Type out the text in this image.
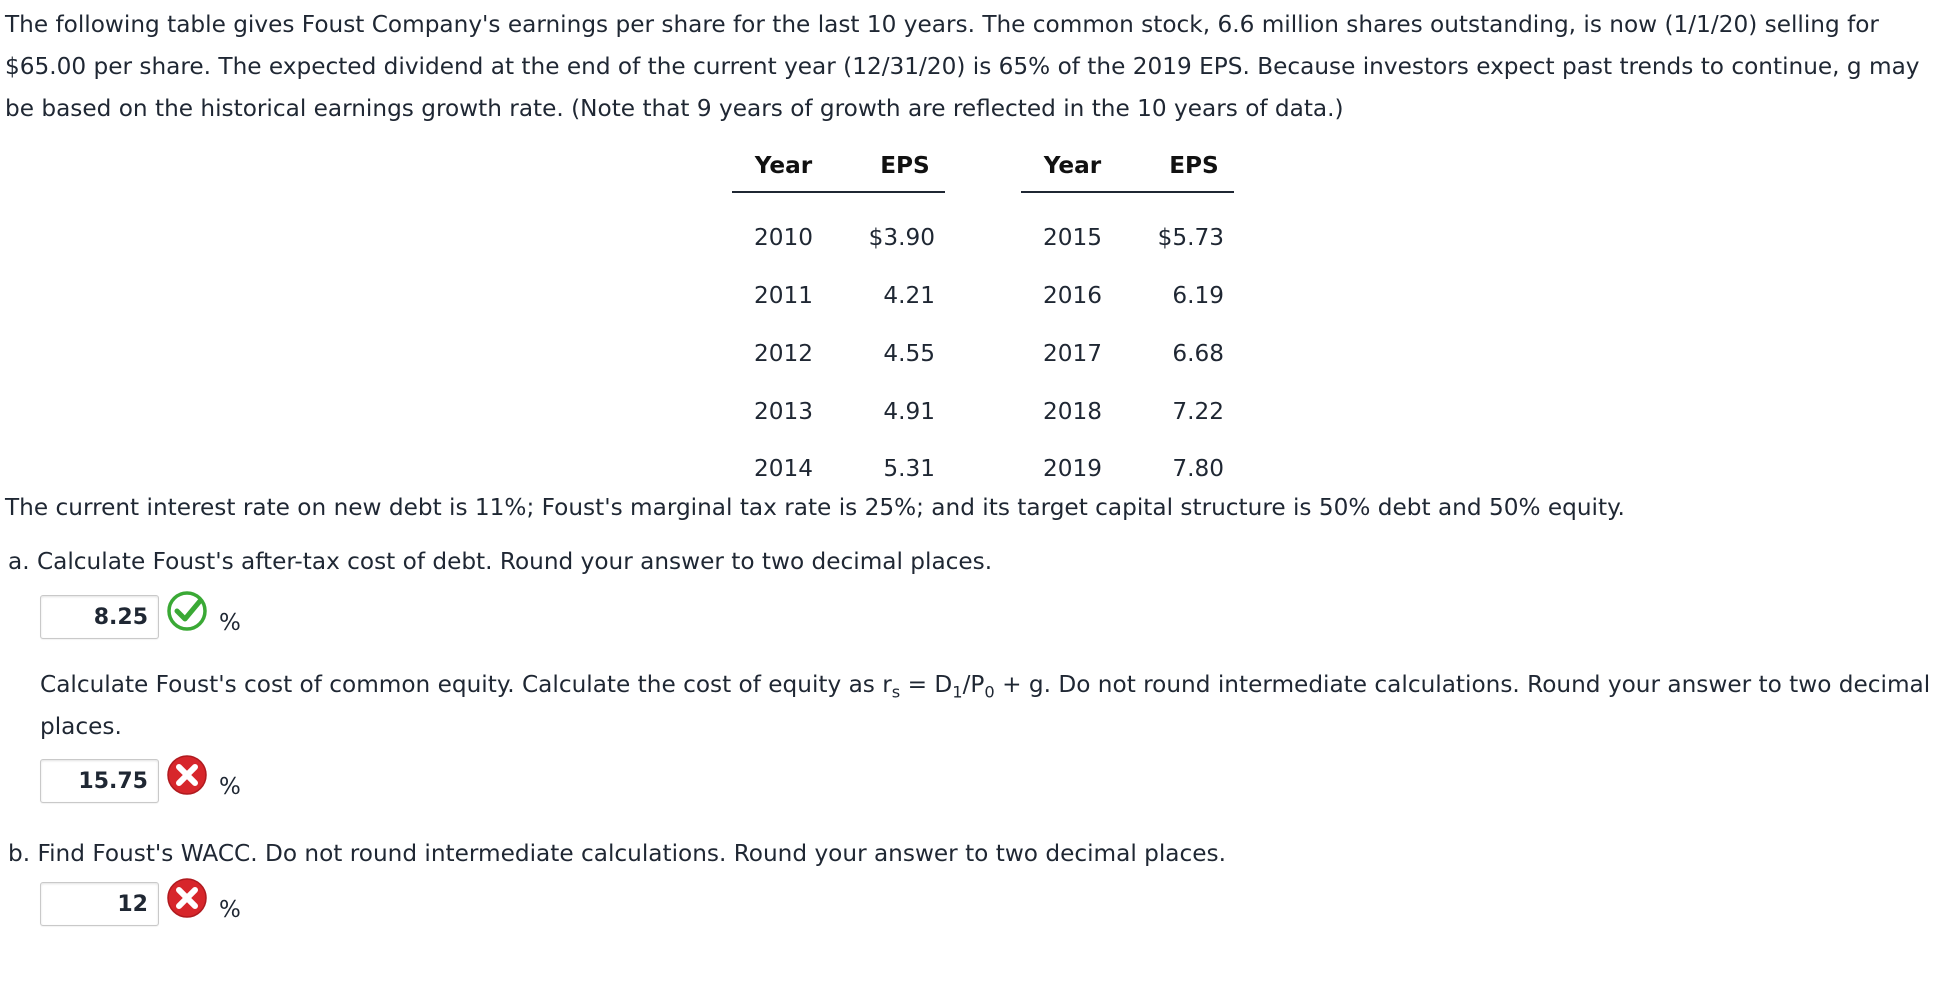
The following table gives Foust Company's earnings per share for the last 10 years. The common stock, 6.6 million shares outstanding, is now (1/1/20) selling for $65.00 per share. The expected dividend at the end of the current year (12/31/20) is 65% of the 2019 EPS. Because investors expect past trends to continue, g may be based on the historical earnings growth rate. (Note that 9 years of growth are reflected in the 10 years of data.)

Year	EPS		Year	EPS
2010	$3.90		2015	$5.73
2011	4.21		2016	6.19
2012	4.55		2017	6.68
2013	4.91		2018	7.22
2014	5.31		2019	7.80

The current interest rate on new debt is 11%; Foust's marginal tax rate is 25%; and its target capital structure is 50% debt and 50% equity.

a. Calculate Foust's after-tax cost of debt. Round your answer to two decimal places.

8.25
%

Calculate Foust's cost of common equity. Calculate the cost of equity as $r_s = D_1/P_0 + g$. Do not round intermediate calculations. Round your answer to two decimal places.

15.75
%

b. Find Foust's WACC. Do not round intermediate calculations. Round your answer to two decimal places.

12
%
